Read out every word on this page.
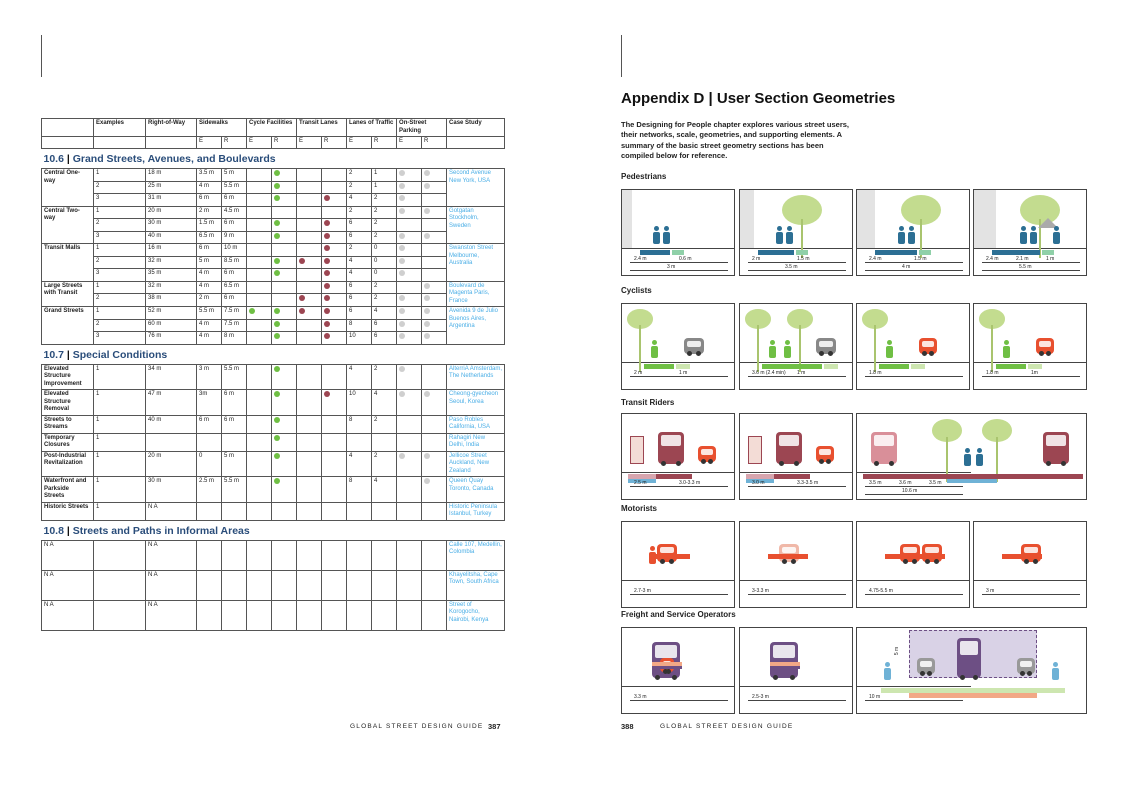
	Examples	Right-of-Way	Sidewalks		Cycle Facilities		Transit Lanes		Lanes of Traffic		On-Street Parking		Case Study
			E	R	E	R	E	R	E	R	E	R	
10.6 | Grand Streets, Avenues, and Boulevards													
Central One-way	1	18 m	3.5 m	5 m					2	1			Second Avenue New York, USA
	2	25 m	4 m	5.5 m					2	1			
	3	31 m	6 m	6 m					4	2			
Central Two-way	1	20 m	2 m	4.5 m					2	2			Gotgatan Stockholm, Sweden
	2	30 m	1.5 m	6 m					6	2			
	3	40 m	6.5 m	9 m					6	2			
Transit Malls	1	16 m	6 m	10 m					2	0			Swanston Street Melbourne, Australia
	2	32 m	5 m	8.5 m					4	0			
	3	35 m	4 m	6 m					4	0			
Large Streets with Transit	1	32 m	4 m	6.5 m					6	2			Boulevard de Magenta Paris, France
	2	38 m	2 m	6 m					6	2			
Grand Streets	1	52 m	5.5 m	7.5 m					6	4			Avenida 9 de Julio Buenos Aires, Argentina
	2	60 m	4 m	7.5 m					8	6			
	3	76 m	4 m	8 m					10	6			
10.7 | Special Conditions													
Elevated Structure Improvement	1	34 m	3 m	5.5 m					4	2			AlterriA Amsterdam, The Netherlands
Elevated Structure Removal	1	47 m	3m	6 m					10	4			Cheong-gyecheon Seoul, Korea
Streets to Streams	1	40 m	6 m	6 m					8	2			Paso Robles California, USA
Temporary Closures	1												Rahagiri New Delhi, India
Post-Industrial Revitalization	1	20 m	0	5 m					4	2			Jellicoe Street Auckland, New Zealand
Waterfront and Parkside Streets	1	30 m	2.5 m	5.5 m					8	4			Queen Quay Toronto, Canada
Historic Streets	1	N A											Historic Peninsula Istanbul, Turkey
10.8 | Streets and Paths in Informal Areas													
N A		N A											Calle 107, Medellin, Colombia
N A		N A											Khayelitsha, Cape Town, South Africa
N A		N A											Street of Korogocho, Nairobi, Kenya
GLOBAL STREET DESIGN GUIDE 387
Appendix D | User Section Geometries
The Designing for People chapter explores various street users, their networks, scale, geometries, and supporting elements. A summary of the basic street geometry sections has been compiled below for reference.
Pedestrians
2.4 m	0.6 m
3 m
2 m	1.5 m
3.5 m
2.4 m	1.5 m
4 m
2.4 m	2.1 m	1 m
5.5 m
Cyclists
2 m	1 m	3.6 m (2.4 min) 1 m	1.8 m	1.8 m	1m
Transit Riders
2.5 m	3.0-3.3 m	3.0 m	3.3-3.5 m	3.5 m	3.6 m	3.5 m
10.6 m
Motorists
2.7-3 m	3-3.3 m	4.75-5.5 m	3 m
Freight and Service Operators
3.3 m	2.5-3 m
5 m
10 m
388	GLOBAL STREET DESIGN GUIDE
